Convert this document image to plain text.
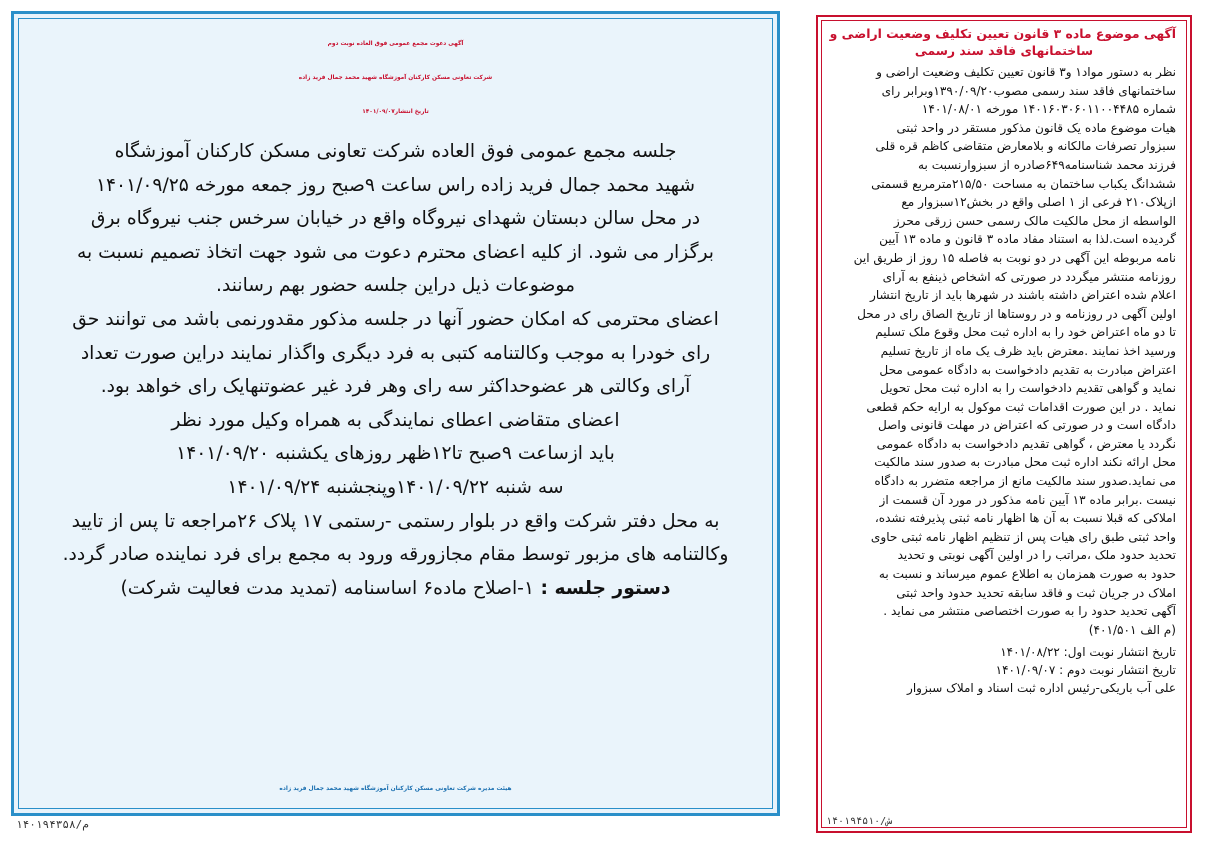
آگهی دعوت مجمع عمومی فوق العاده نوبت دوم

شرکت تعاونی مسکن کارکنان آموزشگاه شهید محمد جمال فرید زاده

تاریخ انتشار۱۴۰۱/۰۹/۰۷

جلسه مجمع عمومی فوق العاده شرکت تعاونی مسکن کارکنان آموزشگاه

شهید محمد جمال فرید زاده راس ساعت ۹صبح روز جمعه مورخه ۱۴۰۱/۰۹/۲۵

در محل سالن دبستان شهدای نیروگاه واقع در خیابان سرخس جنب نیروگاه برق

برگزار می شود. از کلیه اعضای محترم دعوت می شود جهت اتخاذ تصمیم نسبت به

موضوعات ذیل دراین جلسه حضور بهم رسانند.

اعضای محترمی که امکان حضور آنها در جلسه مذکور مقدورنمی باشد می توانند حق

رای خودرا به موجب وکالتنامه کتبی به فرد دیگری واگذار نمایند دراین صورت تعداد

آرای وکالتی هر عضوحداکثر سه رای وهر فرد غیر عضوتنهایک رای خواهد بود.

اعضای متقاضی اعطای نمایندگی به همراه وکیل مورد نظر

باید ازساعت ۹صبح تا۱۲ظهر روزهای یکشنبه ۱۴۰۱/۰۹/۲۰

سه شنبه ۱۴۰۱/۰۹/۲۲وپنجشنبه ۱۴۰۱/۰۹/۲۴

به محل دفتر شرکت واقع در بلوار رستمی -رستمی ۱۷ پلاک ۲۶مراجعه تا پس از تایید

وکالتنامه های مزبور توسط مقام مجازورقه ورود به مجمع برای فرد نماینده صادر گردد.

دستور جلسه : ۱-اصلاح ماده۶ اساسنامه (تمدید مدت فعالیت شرکت)

هیئت مدیره شرکت تعاونی مسکن کارکنان آموزشگاه شهید محمد جمال فرید زاده
۱۴۰۱۹۴۳۵۸/م

آگهی موضوع ماده ۳ قانون تعیین تکلیف وضعیت اراضی و

ساختمانهای فاقد سند رسمی

نظر به دستور مواد۱ و۳ قانون تعیین تکلیف وضعیت اراضی و

ساختمانهای فاقد سند رسمی مصوب۱۳۹۰/۰۹/۲۰وبرابر رای

شماره ۱۴۰۱۶۰۳۰۶۰۱۱۰۰۴۴۸۵ مورخه ۱۴۰۱/۰۸/۰۱

هیات موضوع ماده یک قانون مذکور مستقر در واحد ثبتی

سبزوار تصرفات مالکانه و بلامعارض متقاضی کاظم قره قلی

فرزند محمد شناسنامه۶۴۹صادره از سبزوارنسبت به

ششدانگ یکباب ساختمان به مساحت ۲۱۵/۵۰مترمربع قسمتی

ازپلاک۲۱۰ فرعی از ۱ اصلی واقع در بخش۱۲سبزوار مع

الواسطه از محل مالکیت مالک رسمی حسن زرقی محرز

گردیده است.لذا به استناد مفاد ماده ۳ قانون و ماده ۱۳ آیین

نامه مربوطه این آگهی در دو نوبت به فاصله ۱۵ روز از طریق این

روزنامه منتشر میگردد در صورتی که اشخاص ذینفع به آرای

اعلام شده اعتراض داشته باشند در شهرها باید از تاریخ انتشار

اولین آگهی در روزنامه و در روستاها از تاریخ الصاق رای در محل

تا دو ماه اعتراض خود را به اداره ثبت محل وقوع ملک تسلیم

ورسید اخذ نمایند .معترض باید ظرف یک ماه از تاریخ تسلیم

اعتراض مبادرت به تقدیم دادخواست به دادگاه عمومی محل

نماید و گواهی تقدیم دادخواست را به اداره ثبت محل تحویل

نماید . در این صورت اقدامات ثبت موکول به ارایه حکم قطعی

دادگاه است و در صورتی که اعتراض در مهلت قانونی واصل

نگردد یا معترض ، گواهی تقدیم دادخواست به دادگاه عمومی

محل ارائه نکند اداره ثبت محل مبادرت به صدور سند مالکیت

می نماید.صدور سند مالکیت مانع از مراجعه متضرر به دادگاه

نیست .برابر ماده ۱۳ آیین نامه مذکور در مورد آن قسمت از

املاکی که قبلا نسبت به آن ها اظهار نامه ثبتی پذیرفته نشده،

واحد ثبتی طبق رای هیات پس از تنظیم اظهار نامه ثبتی حاوی

تحدید حدود ملک ،مراتب را در اولین آگهی نوبتی و تحدید

حدود به صورت همزمان به اطلاع عموم میرساند و نسبت به

املاک در جریان ثبت و فاقد سابقه تحدید حدود واحد ثبتی

آگهی تحدید حدود را به صورت اختصاصی منتشر می نماید .

(م الف ۴۰۱/۵۰۱)

تاریخ انتشار نوبت اول: ۱۴۰۱/۰۸/۲۲

تاریخ انتشار نوبت دوم : ۱۴۰۱/۰۹/۰۷

علی آب باریکی-رئیس اداره ثبت اسناد و املاک سبزوار

۱۴۰۱۹۴۵۱۰/ش
